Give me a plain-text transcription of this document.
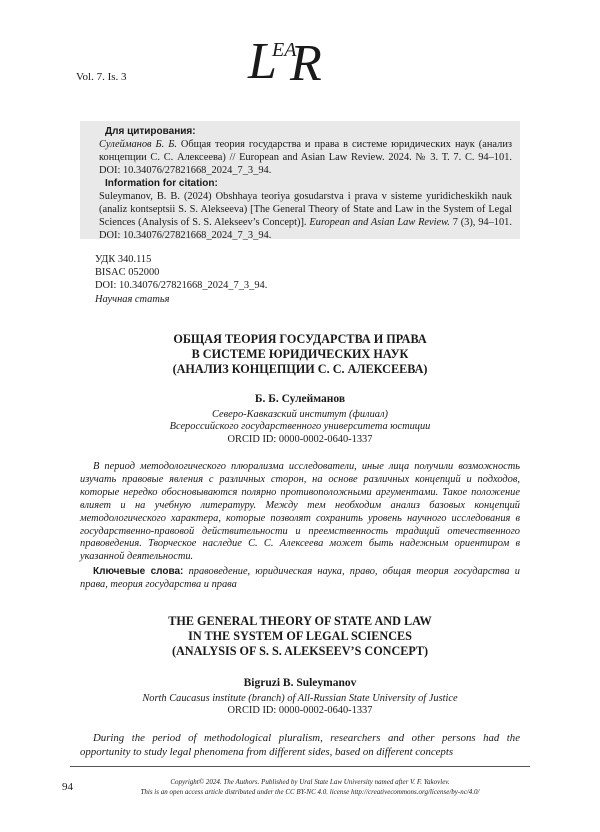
L
EA
R
Vol. 7. Is. 3
Для цитирования:

Сулейманов Б. Б. Общая теория государства и права в системе юридических наук (анализ концепции С. С. Алексеева) // European and Asian Law Review. 2024. № 3. Т. 7. С. 94–101. DOI: 10.34076/27821668_2024_7_3_94.

Information for citation:

Suleymanov, B. B. (2024) Obshhaya teoriya gosudarstva i prava v sisteme yuridi­cheskikh nauk (analiz kontseptsii S. S. Alekseeva) [The General Theory of State and Law in the System of Legal Sciences (Analysis of S. S. Alekseev’s Concept)]. European and Asian Law Review. 7 (3), 94–101. DOI: 10.34076/27821668_2024_7_3_94.

УДК 340.115
BISAC 052000
DOI: 10.34076/27821668_2024_7_3_94.
Научная статья
ОБЩАЯ ТЕОРИЯ ГОСУДАРСТВА И ПРАВА
В СИСТЕМЕ ЮРИДИЧЕСКИХ НАУК
(АНАЛИЗ КОНЦЕПЦИИ С. С. АЛЕКСЕЕВА)
Б. Б. Сулейманов
Северо-Кавказский институт (филиал)
Всероссийского государственного университета юстиции
ORCID ID: 0000-0002-0640-1337
В период методологического плюрализма исследователи, иные лица получили возможность изучать правовые явления с различных сторон, на основе различных концепций и подходов, которые нередко обосновываются полярно противоположными аргументами. Такое положение влияет и на учебную литературу. Между тем необходим анализ базовых концепций методологического характера, которые позволят сохранить уровень научного исследования в государственно-правовой действительности и преемственность традиций отечественного правоведения. Творческое наследие С. С. Алексеева может быть надежным ориентиром в указанной деятельности.
Ключевые слова: правоведение, юридическая наука, право, общая теория государства и права, теория государства и права
THE GENERAL THEORY OF STATE AND LAW
IN THE SYSTEM OF LEGAL SCIENCES
(ANALYSIS OF S. S. ALEKSEEV’S CONCEPT)
Bigruzi B. Suleymanov
North Caucasus institute (branch) of All-Russian State University of Justice
ORCID ID: 0000-0002-0640-1337
During the period of methodological pluralism, researchers and other persons had the opportunity to study legal phenomena from different sides, based on different concepts
94	Copyright© 2024. The Authors. Published by Ural State Law University named after V. F. Yakovlev.
This is an open access article distributed under the CC BY-NC 4.0. license http://creativecommons.org/license/by-nc/4.0/
